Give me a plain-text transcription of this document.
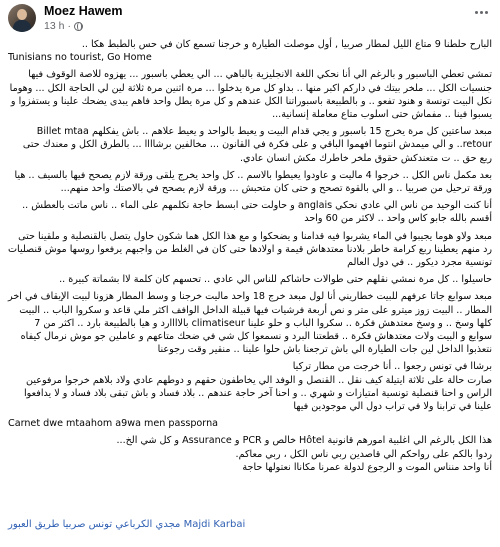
Moez Hawem
13 h ·

البارح حلطنا 9 متاع الليل لمطار صربيا , أول موصلت الطيارة و خرجنا تسمع كان في حس بالطبط هكا ..

Tunisians no tourist, Go Home

تمشي تعطي الباسبور و بالرغم الي أنا نحكي اللغة الانجليزية بالباهي ... الي يعطي باسبور ... يهزوه للاصة الوقوف فيها جنسيات الكل ... ملخر بيتك في داركم اكبر منها .. بداو كل مرة يدخلوا ... مرة اثنين مرة ثلاثة لين لي الحاجة الكل ... وهوما نكل البيت تونسة و هنود تفعو .. و بالطبيعة باسبوراتنا الكل عندهم و كل مرة يطل واحد فاهم يبدى يضحك علينا و يستفزوا و يسبوا فينا .. مفماش حتى اسلوب متاع معاملة إنسانية...

مبعد ساعتين كل مرة يخرج 15 باسبور و يجي قدام البيت و يعيط بالواحد و يعيط علاهم .. باش يفكلهم Billet mtaa retour.. و الي ميمدش انتوما افهموا الباقي و على فكرة في القانون ... مخالفين برشاااا ... بالطرق الكل و معندك حتى ربع حق .. ت متعندكش حقوق ملخر خاطرك مكش انسان عادي.

بعد مكمل ناس الكل .. خرجوا 4 ماليت و عاودوا يعيطوا بالاسم .. كل واحد يخرج يلقى ورقة لازم يصحح فيها بالسيف .. هيا ورقة ترحيل من صربيا .. و الي بالقوة تصحح و حتى كان متحبش ... ورقة لازم يصحح في بالاصتك واحد منهم...

أنا كنت الوحيد من ناس الي عادي نحكي anglais و حاولت حتى ابسط حاجة نكلمهم على الماء .. ناس ماتت بالعطش .. أقسم بالله جابو كاس واحد .. لاكثر من 60 واحد

مبعد ولاو هوما يجيبوا في الماء يشربوا فيه قدامنا و يضحكوا و مع هذا الكل هما شكون حاول يتصل بالقنصلية و ملقينا حتى رد منهم يعطينا ربع كرامة خاطر بلادنا معتدهاش قيمة و اولادها حتى كان في الغلط من واجبهم يرفعوا روسها موش قنصليات تونسية مجرد ديكور .. في دول العالم

حاسيلوا .. كل مرة نمشي نقلهم حتى طوالات حاشاكم للناس الي عادي .. تحسهم كان كلمة لاا بشماتة كبيرة ..

مبعد سوايع جاتا عرفهم للبيت خطاريني أنا لول مبعد خرج 18 واحد ماليت خرجنا و وسط المطار هزونا لبيت الإيقاف في اخر المطار .. البيت زوز ميترو على متر و نص أربعة فرشيات فيها قبيلة الداخل الوافف اكثر ملي قاعد و سكروا الباب .. البيت كلها وسخ .. و وسخ معتدهش فكرة .. سكروا الباب و حلو علينا climatiseur بالاااارد و هيا بالطبيعة بارد .. اكثر من 7 سوايع و البيت ولات معتدهاش فكرة .. قطعتنا البرد و نسمعوا كل شي في ضحك متاعهم و عاملين جو موش نرمال كيفاه نتعذبوا الداخل لين جات الطيارة الي باش ترجعنا باش حلوا علينا .. منقير وقت رجوعنا

برشاا في تونس رجعوا .. أنا خرجت من مطار تركيا

صارت حالة على ثلاثة ايتيلة كيف نقل .. القنصل و الوفد الي يخاطفون حقهم و دوطهم عادي ولاد بلاهم خرجوا مرفوعين الراس و احنا قنصلية تونسية امتيازات و شهري .. و احنا آخر حاجة عندهم .. بلاد فساد و باش تبقى بلاد فساد و لا يدافعوا علينا في ترابنا ولا في تراب دول الي موجودين فيها

Carnet dwe mtaahom a9wa men passporna

هذا الكل بالرغم الي اغلبية امورهم قانونية Hôtel خالص و PCR و Assurance و كل شي الخ...

ردوا بالكم على رواحكم الي قاصدين ربي ناس الكل ، ربي معاكم.

أنا واحد منناس الموت و الرجوع لدولة عمرنا مكاناا نعتولها حاجة

مجدي الكرباعي تونس صربيا طريق العبور Majdi Karbai
